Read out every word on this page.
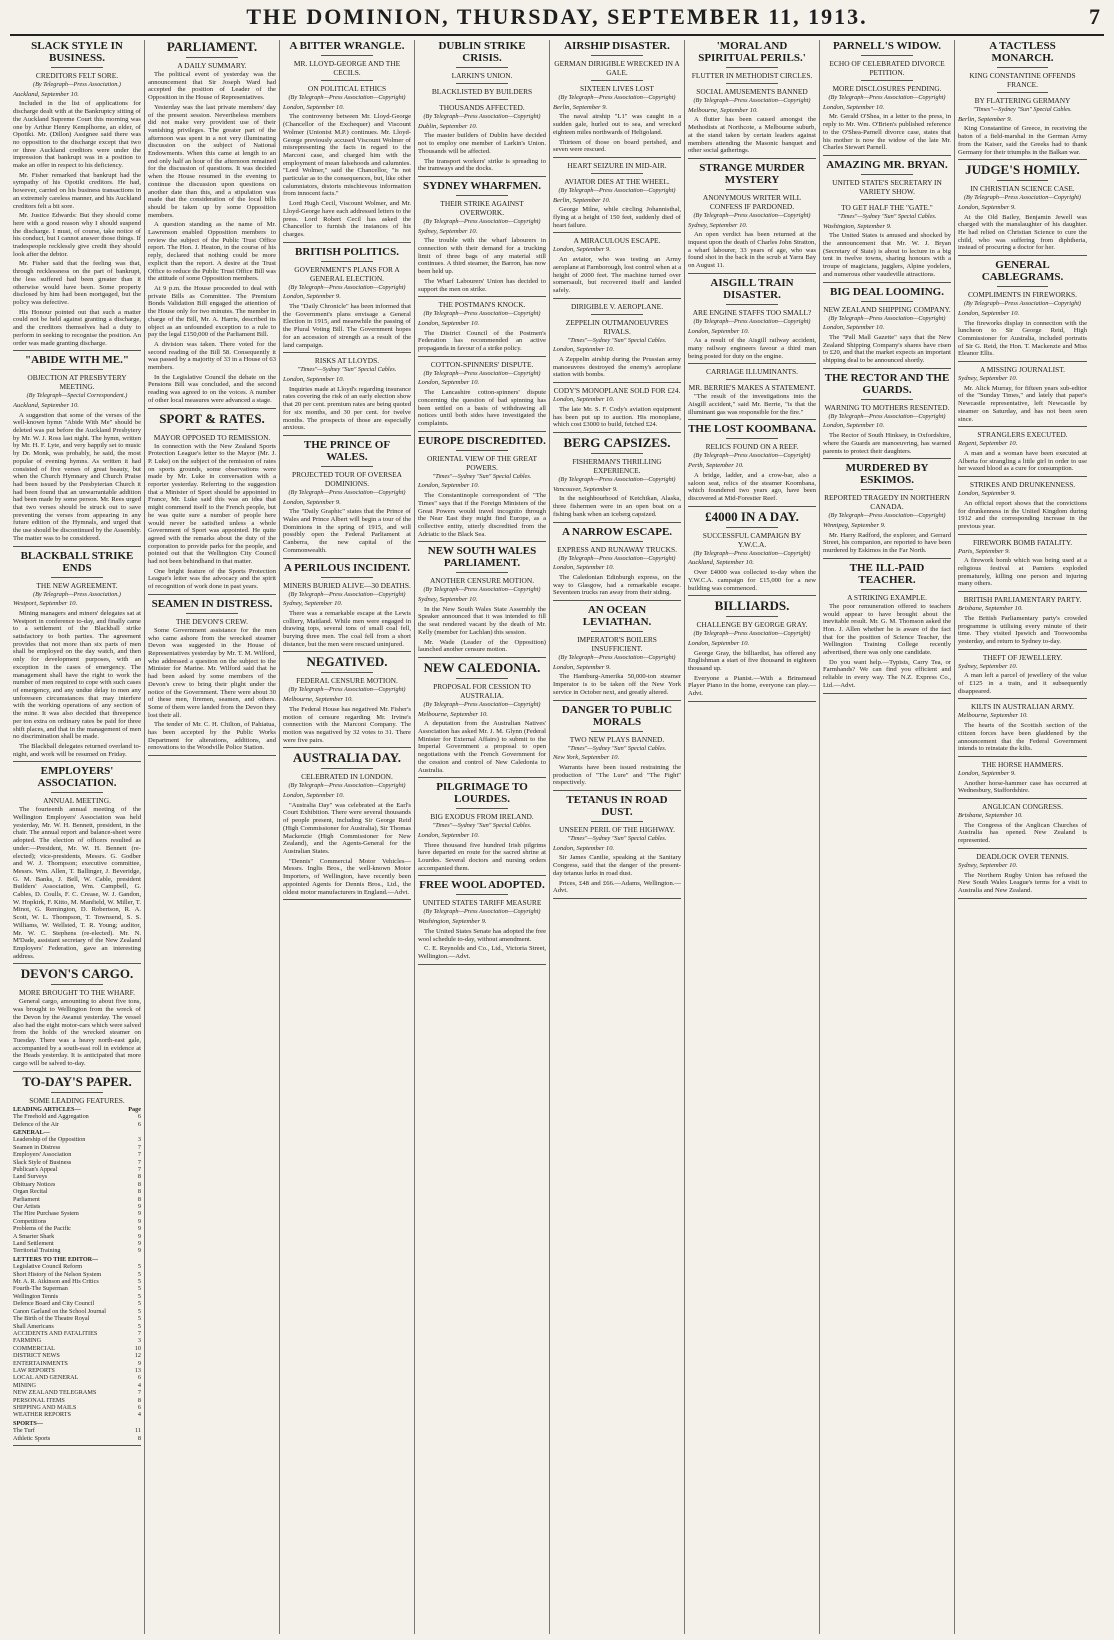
THE DOMINION, THURSDAY, SEPTEMBER 11, 1913.	7
SLACK STYLE IN BUSINESS.
CREDITORS FELT SORE.
(By Telegraph—Press Association.)

Auckland, September 10.

Included in the list of applications for discharge dealt with at the Bankruptcy sitting of the Auckland Supreme Court this morning was one by Arthur Henry Kemplhorne, an elder, of Opotiki. Mr. (Dillon) Assignee said there was no opposition to the discharge except that two or three Auckland creditors were under the impression that bankrupt was in a position to make an offer in respect to his deficiency.

Mr. Fisher remarked that bankrupt had the sympathy of his Opotiki creditors. He had, however, carried on his business transactions in an extremely careless manner, and his Auckland creditors felt a bit sore.

Mr. Justice Edwards: But they should come here with a good reason why I should suspend the discharge. I must, of course, take notice of his conduct, but I cannot answer those things. If tradespeople recklessly give credit they should look after the debtor.

Mr. Fisher said that the feeling was that, through recklessness on the part of bankrupt, the less suffered had been greater than it otherwise would have been. Some property disclosed by him had been mortgaged, but the policy was defective.

His Honour pointed out that such a matter could not be held against granting a discharge, and the creditors themselves had a duty to perform in seeking to recognise the position. An order was made granting discharge.

"ABIDE WITH ME."
OBJECTION AT PRESBYTERY MEETING.
(By Telegraph—Special Correspondent.)

Auckland, September 10.

A suggestion that some of the verses of the well-known hymn "Abide With Me" should be deleted was put before the Auckland Presbytery by Mr. W. J. Ross last night. The hymn, written by Mr. H. F. Lyte, and very happily set to music by Dr. Monk, was probably, he said, the most popular of evening hymns. As written it had consisted of five verses of great beauty, but when the Church Hymnary and Church Praise had been issued by the Presbyterian Church it had been found that an unwarrantable addition had been made by some person. Mr. Rees urged that two verses should be struck out to save preventing the verses from appearing in any future edition of the Hymnals, and urged that the use should be discontinued by the Assembly. The matter was to be considered.

BLACKBALL STRIKE ENDS
THE NEW AGREEMENT.
(By Telegraph—Press Association.)

Westport, September 10.

Mining managers and miners' delegates sat at Westport in conference to-day, and finally came to a settlement of the Blackball strike satisfactory to both parties. The agreement provides that not more than six parts of men shall be employed on the day watch, and then only for development purposes, with an exception in the cases of emergency. The management shall have the right to work the number of men required to cope with such cases of emergency, and any undue delay to men any unforeseen circumstances that may interfere with the working operations of any section of the mine. It was also decided that threepence per ton extra on ordinary rates be paid for three shift places, and that in the management of men no discrimination shall be made.

The Blackball delegates returned overland to-night, and work will be resumed on Friday.

EMPLOYERS' ASSOCIATION.
ANNUAL MEETING.

The fourteenth annual meeting of the Wellington Employers' Association was held yesterday, Mr. W. H. Bennett, president, in the chair. The annual report and balance-sheet were adopted. The election of officers resulted as under:—President, Mr. W. H. Bennett (re-elected); vice-presidents, Messrs. G. Godber and W. J. Thompson; executive committee, Messrs. Wm. Allen, T. Ballinger, J. Beveridge, G. M. Banks, J. Bell, W. Cable, president Builders' Association, Wm. Campbell, G. Cables, D. Coulls, F. C. Crease, W. J. Gandon, W. Hopkirk, F. Kitto, M. Manfield, W. Miller, T. Minot, G. Remington, D. Robertson, R. A. Scott, W. L. Thompson, T. Townsend, S. S. Williams, W. Wellsted, T. R. Young; auditor, Mr. W. C. Stephens (re-elected). Mr. N. M'Dade, assistant secretary of the New Zealand Employers' Federation, gave an interesting address.

DEVON'S CARGO.
MORE BROUGHT TO THE WHARF.

General cargo, amounting to about five tons, was brought to Wellington from the wreck of the Devon by the Awanui yesterday. The vessel also had the eight motor-cars which were salved from the holds of the wrecked steamer on Tuesday. There was a heavy north-east gale, accompanied by a south-east roll in evidence at the Heads yesterday. It is anticipated that more cargo will be salved to-day.

TO-DAY'S PAPER.
SOME LEADING FEATURES.
LEADING ARTICLES—	Page
The Freehold and Aggregation	6
Defence of the Air	6
GENERAL—
Leadership of the Opposition	3
Seamen in Distress	7
Employers' Association	7
Slack Style of Business	7
Publican's Appeal	7
Land Surveys	8
Obituary Notices	8
Organ Recital	8
Parliament	8
Our Artists	9
The Hire Purchase System	9
Competitions	9
Problems of the Pacific	9
A Smarter Shark	9
Land Settlement	9
Territorial Training	9
LETTERS TO THE EDITOR—
Legislative Council Reform	5
Short History of the Nelson System	5
Mr. A. R. Atkinson and His Critics	5
Fourth-The Superman	5
Wellington Tennis	5
Defence Board and City Council	5
Canon Garland on the School Journal	5
The Birth of the Theatre Royal	5
Shall Americans	5
ACCIDENTS AND FATALITIES	7
FARMING	3
COMMERCIAL	10
DISTRICT NEWS	12
ENTERTAINMENTS	9
LAW REPORTS	13
LOCAL AND GENERAL	6
MINING	4
NEW ZEALAND TELEGRAMS	7
PERSONAL ITEMS	8
SHIPPING AND MAILS	6
WEATHER REPORTS	4
SPORTS—
The Turf	11
Athletic Sports	8
PARLIAMENT.
A DAILY SUMMARY.

The political event of yesterday was the announcement that Sir Joseph Ward had accepted the position of Leader of the Opposition in the House of Representatives.

Yesterday was the last private members' day of the present session. Nevertheless members did not make very provident use of their vanishing privileges. The greater part of the afternoon was spent in a not very illuminating discussion on the subject of National Endowments. When this came at length to an end only half an hour of the afternoon remained for the discussion of questions. It was decided when the House resumed in the evening to continue the discussion upon questions on another date than this, and a stipulation was made that the consideration of the local bills should be taken up by some Opposition members.

A question standing as the name of Mr. Lawrenson enabled Opposition members to review the subject of the Public Trust Office report. The Hon. J. Heaton, in the course of his reply, declared that nothing could be more explicit than the report. A desire at the Trust Office to reduce the Public Trust Office Bill was the attitude of some Opposition members.

At 9 p.m. the House proceeded to deal with private Bills as Committee. The Premium Bonds Validation Bill engaged the attention of the House only for two minutes. The member in charge of the Bill, Mr. A. Harris, described its object as an unfounded exception to a rule to pay the legal £150,000 of the Parliament Bill.

A division was taken. There voted for the second reading of the Bill 58. Consequently it was passed by a majority of 33 in a House of 63 members.

In the Legislative Council the debate on the Pensions Bill was concluded, and the second reading was agreed to on the voices. A number of other local measures were advanced a stage.

SPORT & RATES.
MAYOR OPPOSED TO REMISSION.

In connection with the New Zealand Sports Protection League's letter to the Mayor (Mr. J. P. Luke) on the subject of the remission of rates on sports grounds, some observations were made by Mr. Luke in conversation with a reporter yesterday. Referring to the suggestion that a Minister of Sport should be appointed in France, Mr. Luke said this was an idea that might commend itself to the French people, but he was quite sure a number of people here would never be satisfied unless a whole Government of Sport was appointed. He quite agreed with the remarks about the duty of the corporation to provide parks for the people, and pointed out that the Wellington City Council had not been behindhand in that matter.

One bright feature of the Sports Protection League's letter was the advocacy and the spirit of recognition of work done in past years.

SEAMEN IN DISTRESS.
THE DEVON'S CREW.

Some Government assistance for the men who came ashore from the wrecked steamer Devon was suggested in the House of Representatives yesterday by Mr. T. M. Wilford, who addressed a question on the subject to the Minister for Marine. Mr. Wilford said that he had been asked by some members of the Devon's crew to bring their plight under the notice of the Government. There were about 30 of these men, firemen, seamen, and others. Some of them were landed from the Devon they lost their all.

The tender of Mr. C. H. Chilton, of Pahiatua, has been accepted by the Public Works Department for alterations, additions, and renovations to the Woodville Police Station.

A BITTER WRANGLE.
MR. LLOYD-GEORGE AND THE CECILS.
ON POLITICAL ETHICS
(By Telegraph—Press Association—Copyright)

London, September 10.

The controversy between Mr. Lloyd-George (Chancellor of the Exchequer) and Viscount Wolmer (Unionist M.P.) continues. Mr. Lloyd-George previously accused Viscount Wolmer of misrepresenting the facts in regard to the Marconi case, and charged him with the employment of mean falsehoods and calumnies. "Lord Wolmer," said the Chancellor, "is not particular as to the consequences, but, like other calumniators, distorts mischievous information from innocent facts."

Lord Hugh Cecil, Viscount Wolmer, and Mr. Lloyd-George have each addressed letters to the press. Lord Robert Cecil has asked the Chancellor to furnish the instances of his charges.

BRITISH POLITICS.
GOVERNMENT'S PLANS FOR A GENERAL ELECTION.
(By Telegraph—Press Association—Copyright)

London, September 9.

The "Daily Chronicle" has been informed that the Government's plans envisage a General Election in 1915, and meanwhile the passing of the Plural Voting Bill. The Government hopes for an accession of strength as a result of the land campaign.

RISKS AT LLOYDS.
"Times"—Sydney "Sun" Special Cables.

London, September 10.

Inquiries made at Lloyd's regarding insurance rates covering the risk of an early election show that 20 per cent. premium rates are being quoted for six months, and 30 per cent. for twelve months. The prospects of those are especially anxious.

THE PRINCE OF WALES.
PROJECTED TOUR OF OVERSEA DOMINIONS.
(By Telegraph—Press Association—Copyright)

London, September 9.

The "Daily Graphic" states that the Prince of Wales and Prince Albert will begin a tour of the Dominions in the spring of 1915, and will possibly open the Federal Parliament at Canberra, the new capital of the Commonwealth.

A PERILOUS INCIDENT.
MINERS BURIED ALIVE—30 DEATHS.
(By Telegraph—Press Association—Copyright)

Sydney, September 10.

There was a remarkable escape at the Lewis colliery, Maitland. While men were engaged in drawing tops, several tons of small coal fell, burying three men. The coal fell from a short distance, but the men were rescued uninjured.

NEGATIVED.
FEDERAL CENSURE MOTION.
(By Telegraph—Press Association—Copyright)

Melbourne, September 10.

The Federal House has negatived Mr. Fisher's motion of censure regarding Mr. Irvine's connection with the Marconi Company. The motion was negatived by 32 votes to 31. There were five pairs.

AUSTRALIA DAY.
CELEBRATED IN LONDON.
(By Telegraph—Press Association—Copyright)

London, September 10.

"Australia Day" was celebrated at the Earl's Court Exhibition. There were several thousands of people present, including Sir George Reid (High Commissioner for Australia), Sir Thomas Mackenzie (High Commissioner for New Zealand), and the Agents-General for the Australian States.

"Dennis" Commercial Motor Vehicles—Messrs. Inglis Bros., the well-known Motor Importers, of Wellington, have recently been appointed Agents for Dennis Bros., Ltd., the oldest motor manufacturers in England.—Advt.

DUBLIN STRIKE CRISIS.
LARKIN'S UNION.
BLACKLISTED BY BUILDERS
THOUSANDS AFFECTED.
(By Telegraph—Press Association—Copyright)

Dublin, September 10.

The master builders of Dublin have decided not to employ one member of Larkin's Union. Thousands will be affected.

The transport workers' strike is spreading to the tramways and the docks.

SYDNEY WHARFMEN.
THEIR STRIKE AGAINST OVERWORK.
(By Telegraph—Press Association—Copyright)

Sydney, September 10.

The trouble with the wharf labourers in connection with their demand for a trucking limit of three bags of any material still continues. A third steamer, the Barron, has now been held up.

The Wharf Labourers' Union has decided to support the men on strike.

THE POSTMAN'S KNOCK.
(By Telegraph—Press Association—Copyright)

London, September 10.

The District Council of the Postmen's Federation has recommended an active propaganda in favour of a strike policy.

COTTON-SPINNERS' DISPUTE.
(By Telegraph—Press Association—Copyright)

London, September 10.

The Lancashire cotton-spinners' dispute concerning the question of bad spinning has been settled on a basis of withdrawing all notices until both sides have investigated the complaints.

EUROPE DISCREDITED.
ORIENTAL VIEW OF THE GREAT POWERS.
"Times"—Sydney "Sun" Special Cables.

London, September 10.

The Constantinople correspondent of "The Times" says that if the Foreign Ministers of the Great Powers would travel incognito through the Near East they might find Europe, as a collective entity, utterly discredited from the Adriatic to the Black Sea.

NEW SOUTH WALES PARLIAMENT.
ANOTHER CENSURE MOTION.
(By Telegraph—Press Association—Copyright)

Sydney, September 10.

In the New South Wales State Assembly the Speaker announced that it was intended to fill the seat rendered vacant by the death of Mr. Kelly (member for Lachlan) this session.

Mr. Wade (Leader of the Opposition) launched another censure motion.

NEW CALEDONIA.
PROPOSAL FOR CESSION TO AUSTRALIA.
(By Telegraph—Press Association—Copyright)

Melbourne, September 10.

A deputation from the Australian Natives' Association has asked Mr. J. M. Glynn (Federal Minister for External Affairs) to submit to the Imperial Government a proposal to open negotiations with the French Government for the cession and control of New Caledonia to Australia.

PILGRIMAGE TO LOURDES.
BIG EXODUS FROM IRELAND.
"Times"—Sydney "Sun" Special Cables.

London, September 10.

Three thousand five hundred Irish pilgrims have departed en route for the sacred shrine at Lourdes. Several doctors and nursing orders accompanied them.

FREE WOOL ADOPTED.
UNITED STATES TARIFF MEASURE
(By Telegraph—Press Association—Copyright)

Washington, September 9.

The United States Senate has adopted the free wool schedule to-day, without amendment.

C. E. Reynolds and Co., Ltd., Victoria Street, Wellington.—Advt.

AIRSHIP DISASTER.
GERMAN DIRIGIBLE WRECKED IN A GALE.
SIXTEEN LIVES LOST
(By Telegraph—Press Association—Copyright)

Berlin, September 9.

The naval airship "L1" was caught in a sudden gale, hurled out to sea, and wrecked eighteen miles northwards of Heligoland.

Thirteen of those on board perished, and seven were rescued.

HEART SEIZURE IN MID-AIR.
AVIATOR DIES AT THE WHEEL.
(By Telegraph—Press Association—Copyright)

Berlin, September 10.

George Milne, while circling Johannisthal, flying at a height of 150 feet, suddenly died of heart failure.

A MIRACULOUS ESCAPE.

London, September 9.

An aviator, who was testing an Army aeroplane at Farnborough, lost control when at a height of 2000 feet. The machine turned over somersault, but recovered itself and landed safely.

DIRIGIBLE V. AEROPLANE.
ZEPPELIN OUTMANOEUVRES RIVALS.
"Times"—Sydney "Sun" Special Cables.

London, September 10.

A Zeppelin airship during the Prussian army manoeuvres destroyed the enemy's aeroplane station with bombs.

CODY'S MONOPLANE SOLD FOR £24.

London, September 10.

The late Mr. S. F. Cody's aviation equipment has been put up to auction. His monoplane, which cost £3000 to build, fetched £24.

BERG CAPSIZES.
FISHERMAN'S THRILLING EXPERIENCE.
(By Telegraph—Press Association—Copyright)

Vancouver, September 9.

In the neighbourhood of Ketchikan, Alaska, three fishermen were in an open boat on a fishing bank when an iceberg capsized.

A NARROW ESCAPE.
EXPRESS AND RUNAWAY TRUCKS.
(By Telegraph—Press Association—Copyright)

London, September 10.

The Caledonian Edinburgh express, on the way to Glasgow, had a remarkable escape. Seventeen trucks ran away from their siding.

AN OCEAN LEVIATHAN.
IMPERATOR'S BOILERS INSUFFICIENT.
(By Telegraph—Press Association—Copyright)

London, September 9.

The Hamburg-Amerika 50,000-ton steamer Imperator is to be taken off the New York service in October next, and greatly altered.

DANGER TO PUBLIC MORALS
TWO NEW PLAYS BANNED.
"Times"—Sydney "Sun" Special Cables.

New York, September 10.

Warrants have been issued restraining the production of "The Lure" and "The Fight" respectively.

TETANUS IN ROAD DUST.
UNSEEN PERIL OF THE HIGHWAY.
"Times"—Sydney "Sun" Special Cables.

London, September 10.

Sir James Cantlie, speaking at the Sanitary Congress, said that the danger of the present-day tetanus lurks in road dust.

Prices, £48 and £66.—Adams, Wellington.—Advt.

'MORAL AND SPIRITUAL PERILS.'
FLUTTER IN METHODIST CIRCLES.
SOCIAL AMUSEMENTS BANNED
(By Telegraph—Press Association—Copyright)

Melbourne, September 10.

A flutter has been caused amongst the Methodists at Northcote, a Melbourne suburb, at the stand taken by certain leaders against members attending the Masonic banquet and other social gatherings.

STRANGE MURDER MYSTERY
ANONYMOUS WRITER WILL CONFESS IF PARDONED.
(By Telegraph—Press Association—Copyright)

Sydney, September 10.

An open verdict has been returned at the inquest upon the death of Charles John Stratton, a wharf labourer, 33 years of age, who was found shot in the back in the scrub at Yarra Bay on August 11.

AISGILL TRAIN DISASTER.
ARE ENGINE STAFFS TOO SMALL?
(By Telegraph—Press Association—Copyright)

London, September 10.

As a result of the Aisgill railway accident, many railway engineers favour a third man being posted for duty on the engine.

CARRIAGE ILLUMINANTS.
MR. BERRIE'S MAKES A STATEMENT.

"The result of the investigations into the Aisgill accident," said Mr. Berrie, "is that the illuminant gas was responsible for the fire."

THE LOST KOOMBANA.
RELICS FOUND ON A REEF.
(By Telegraph—Press Association—Copyright)

Perth, September 10.

A bridge, ladder, and a crow-bar, also a saloon seat, relics of the steamer Koombana, which foundered two years ago, have been discovered at Mid-Forestier Reef.

£4000 IN A DAY.
SUCCESSFUL CAMPAIGN BY Y.W.C.A.
(By Telegraph—Press Association—Copyright)

Auckland, September 10.

Over £4000 was collected to-day when the Y.W.C.A. campaign for £15,000 for a new building was commenced.

BILLIARDS.
CHALLENGE BY GEORGE GRAY.
(By Telegraph—Press Association—Copyright)

London, September 10.

George Gray, the billiardist, has offered any Englishman a start of five thousand in eighteen thousand up.

Everyone a Pianist.—With a Brinsmead Player Piano in the home, everyone can play.—Advt.

PARNELL'S WIDOW.
ECHO OF CELEBRATED DIVORCE PETITION.
MORE DISCLOSURES PENDING.
(By Telegraph—Press Association—Copyright)

London, September 10.

Mr. Gerald O'Shea, in a letter to the press, in reply to Mr. Wm. O'Brien's published reference to the O'Shea-Parnell divorce case, states that his mother is now the widow of the late Mr. Charles Stewart Parnell.

AMAZING MR. BRYAN.
UNITED STATE'S SECRETARY IN VARIETY SHOW.
TO GET HALF THE "GATE."
"Times"—Sydney "Sun" Special Cables.

Washington, September 9.

The United States is amused and shocked by the announcement that Mr. W. J. Bryan (Secretary of State) is about to lecture in a big tent in twelve towns, sharing honours with a troupe of magicians, jugglers, Alpine yodelers, and numerous other vaudeville attractions.

BIG DEAL LOOMING.
NEW ZEALAND SHIPPING COMPANY.
(By Telegraph—Press Association—Copyright)

London, September 10.

The "Pall Mall Gazette" says that the New Zealand Shipping Company's shares have risen to £20, and that the market expects an important shipping deal to be announced shortly.

THE RECTOR AND THE GUARDS.
WARNING TO MOTHERS RESENTED.
(By Telegraph—Press Association—Copyright)

London, September 10.

The Rector of South Hinksey, in Oxfordshire, where the Guards are manoeuvring, has warned parents to protect their daughters.

MURDERED BY ESKIMOS.
REPORTED TRAGEDY IN NORTHERN CANADA.
(By Telegraph—Press Association—Copyright)

Winnipeg, September 9.

Mr. Harry Radford, the explorer, and Gerrard Street, his companion, are reported to have been murdered by Eskimos in the Far North.

THE ILL-PAID TEACHER.
A STRIKING EXAMPLE.

The poor remuneration offered to teachers would appear to have brought about the inevitable result. Mr. G. M. Thomson asked the Hon. J. Allen whether he is aware of the fact that for the position of Science Teacher, the Wellington Training College recently advertised, there was only one candidate.

Do you want help.—Typists, Carry Tea, or Farmhands? We can find you efficient and reliable in every way. The N.Z. Express Co., Ltd.—Advt.

A TACTLESS MONARCH.
KING CONSTANTINE OFFENDS FRANCE.
BY FLATTERING GERMANY
"Times"—Sydney "Sun" Special Cables.

Berlin, September 9.

King Constantine of Greece, in receiving the baton of a field-marshal in the German Army from the Kaiser, said the Greeks had to thank Germany for their triumphs in the Balkan war.

JUDGE'S HOMILY.
IN CHRISTIAN SCIENCE CASE.
(By Telegraph—Press Association—Copyright)

London, September 9.

At the Old Bailey, Benjamin Jewell was charged with the manslaughter of his daughter. He had relied on Christian Science to cure the child, who was suffering from diphtheria, instead of procuring a doctor for her.

GENERAL CABLEGRAMS.
COMPLIMENTS IN FIREWORKS.
(By Telegraph—Press Association—Copyright)

London, September 10.

The fireworks display in connection with the luncheon to Sir George Reid, High Commissioner for Australia, included portraits of Sir G. Reid, the Hon. T. Mackenzie and Miss Eleanor Ellis.

A MISSING JOURNALIST.

Sydney, September 10.

Mr. Alick Murray, for fifteen years sub-editor of the "Sunday Times," and lately that paper's Newcastle representative, left Newcastle by steamer on Saturday, and has not been seen since.

STRANGLERS EXECUTED.

Regent, September 10.

A man and a woman have been executed at Alberta for strangling a little girl in order to use her waxed blood as a cure for consumption.

STRIKES AND DRUNKENNESS.

London, September 9.

An official report shows that the convictions for drunkenness in the United Kingdom during 1912 and the corresponding increase in the previous year.

FIREWORK BOMB FATALITY.

Paris, September 9.

A firework bomb which was being used at a religious festival at Pamiers exploded prematurely, killing one person and injuring many others.

BRITISH PARLIAMENTARY PARTY.

Brisbane, September 10.

The British Parliamentary party's crowded programme is utilising every minute of their time. They visited Ipswich and Toowoomba yesterday, and return to Sydney to-day.

THEFT OF JEWELLERY.

Sydney, September 10.

A man left a parcel of jewellery of the value of £125 in a train, and it subsequently disappeared.

KILTS IN AUSTRALIAN ARMY.

Melbourne, September 10.

The hearts of the Scottish section of the citizen forces have been gladdened by the announcement that the Federal Government intends to reinstate the kilts.

THE HORSE HAMMERS.

London, September 9.

Another horse-hammer case has occurred at Wednesbury, Staffordshire.

ANGLICAN CONGRESS.

Brisbane, September 10.

The Congress of the Anglican Churches of Australia has opened. New Zealand is represented.

DEADLOCK OVER TENNIS.

Sydney, September 10.

The Northern Rugby Union has refused the New South Wales League's terms for a visit to Australia and New Zealand.
